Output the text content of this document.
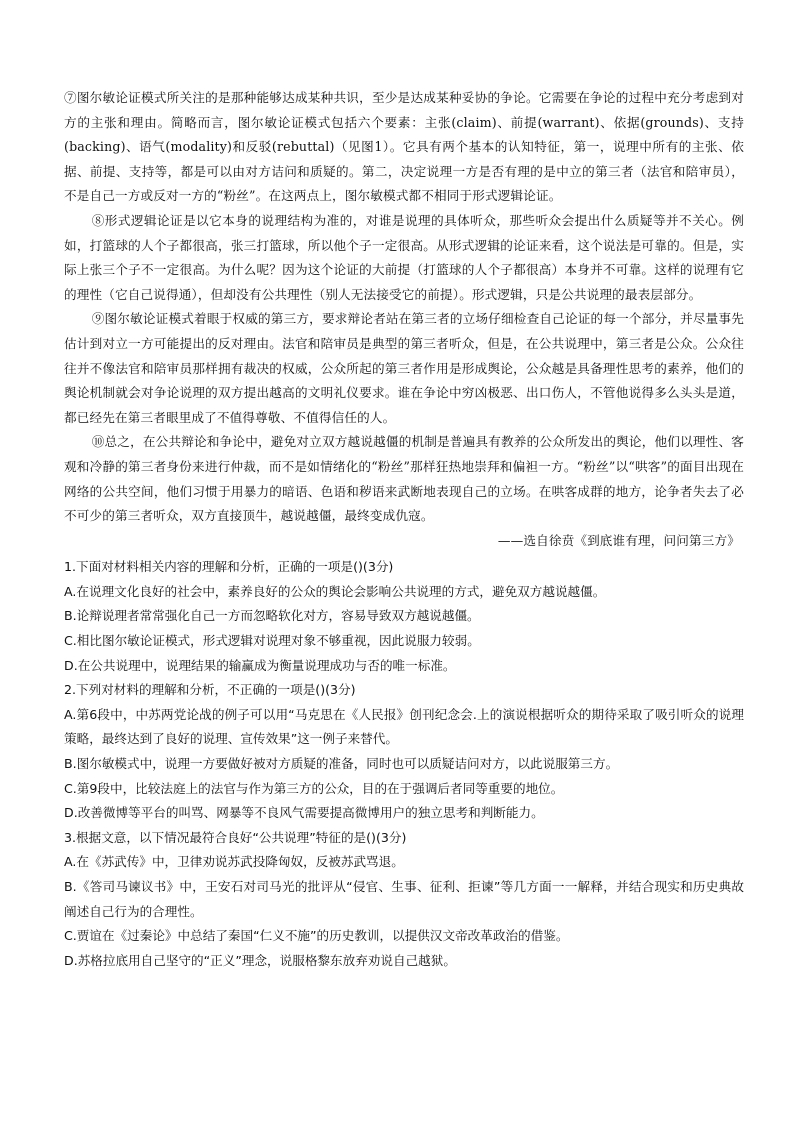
⑦图尔敏论证模式所关注的是那种能够达成某种共识，至少是达成某种妥协的争论。它需要在争论的过程中充分考虑到对方的主张和理由。简略而言，图尔敏论证模式包括六个要素：主张(claim)、前提(warrant)、依据(grounds)、支持(backing)、语气(modality)和反驳(rebuttal)（见图1）。它具有两个基本的认知特征，第一，说理中所有的主张、依据、前提、支持等，都是可以由对方诘问和质疑的。第二，决定说理一方是否有理的是中立的第三者（法官和陪审员），不是自己一方或反对一方的“粉丝”。在这两点上，图尔敏模式都不相同于形式逻辑论证。

⑧形式逻辑论证是以它本身的说理结构为准的，对谁是说理的具体听众，那些听众会提出什么质疑等并不关心。例如，打篮球的人个子都很高，张三打篮球，所以他个子一定很高。从形式逻辑的论证来看，这个说法是可靠的。但是，实际上张三个子不一定很高。为什么呢？因为这个论证的大前提（打篮球的人个子都很高）本身并不可靠。这样的说理有它的理性（它自己说得通），但却没有公共理性（别人无法接受它的前提）。形式逻辑，只是公共说理的最表层部分。

⑨图尔敏论证模式着眼于权威的第三方，要求辩论者站在第三者的立场仔细检查自己论证的每一个部分，并尽量事先估计到对立一方可能提出的反对理由。法官和陪审员是典型的第三者听众，但是，在公共说理中，第三者是公众。公众往往并不像法官和陪审员那样拥有裁决的权威，公众所起的第三者作用是形成舆论，公众越是具备理性思考的素养，他们的舆论机制就会对争论说理的双方提出越高的文明礼仪要求。谁在争论中穷凶极恶、出口伤人，不管他说得多么头头是道，都已经先在第三者眼里成了不值得尊敬、不值得信任的人。

⑩总之，在公共辩论和争论中，避免对立双方越说越僵的机制是普遍具有教养的公众所发出的舆论，他们以理性、客观和冷静的第三者身份来进行仲裁，而不是如情绪化的“粉丝”那样狂热地崇拜和偏袒一方。“粉丝”以“哄客”的面目出现在网络的公共空间，他们习惯于用暴力的暗语、色语和秽语来武断地表现自己的立场。在哄客成群的地方，论争者失去了必不可少的第三者听众，双方直接顶牛，越说越僵，最终变成仇寇。

——选自徐贲《到底谁有理，问问第三方》

1.下面对材料相关内容的理解和分析，正确的一项是()(3分)
A.在说理文化良好的社会中，素养良好的公众的舆论会影响公共说理的方式，避免双方越说越僵。
B.论辩说理者常常强化自己一方而忽略软化对方，容易导致双方越说越僵。
C.相比图尔敏论证模式，形式逻辑对说理对象不够重视，因此说服力较弱。
D.在公共说理中，说理结果的输赢成为衡量说理成功与否的唯一标准。
2.下列对材料的理解和分析，不正确的一项是()(3分)
A.第6段中，中苏两党论战的例子可以用“马克思在《人民报》创刊纪念会.上的演说根据听众的期待采取了吸引听众的说理策略，最终达到了良好的说理、宣传效果”这一例子来替代。
B.图尔敏模式中，说理一方要做好被对方质疑的准备，同时也可以质疑诘问对方，以此说服第三方。
C.第9段中，比较法庭上的法官与作为第三方的公众，目的在于强调后者同等重要的地位。
D.改善微博等平台的叫骂、网暴等不良风气需要提高微博用户的独立思考和判断能力。
3.根据文意，以下情况最符合良好“公共说理”特征的是()(3分)
A.在《苏武传》中，卫律劝说苏武投降匈奴，反被苏武骂退。
B.《答司马谏议书》中，王安石对司马光的批评从“侵官、生事、征利、拒谏”等几方面一一解释，并结合现实和历史典故阐述自己行为的合理性。
C.贾谊在《过秦论》中总结了秦国“仁义不施”的历史教训，以提供汉文帝改革政治的借鉴。
D.苏格拉底用自己坚守的“正义”理念，说服格黎东放弃劝说自己越狱。
